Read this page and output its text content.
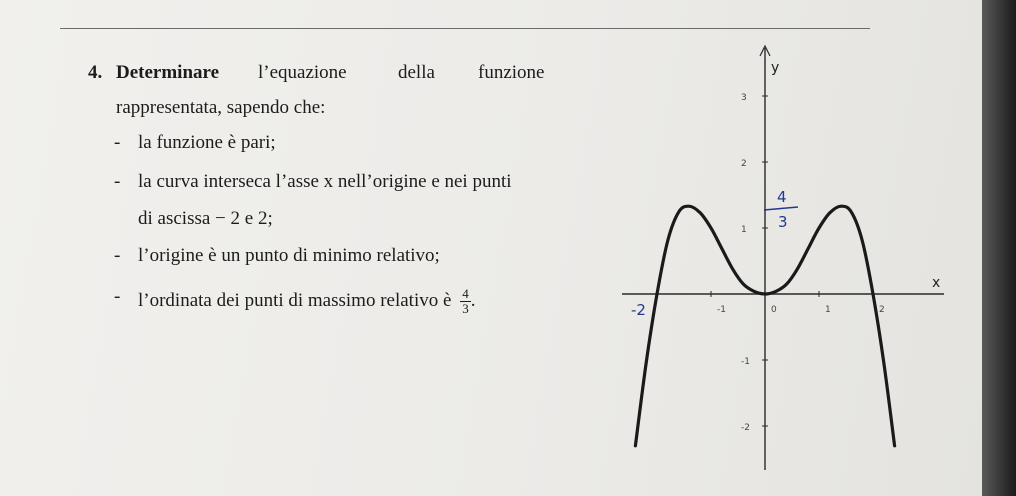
4. Determinare l’equazione	della funzione
rappresentata, sapendo che:
- la funzione è pari;
- la curva interseca l’asse x nell’origine e nei punti
di ascissa − 2 e 2;
- l’origine è un punto di minimo relativo;
- l’ordinata dei punti di massimo relativo è $\frac{4}{3}$ .
y
x
-1	0	1	2
3
2
1
-1
-2
-2
4
3
